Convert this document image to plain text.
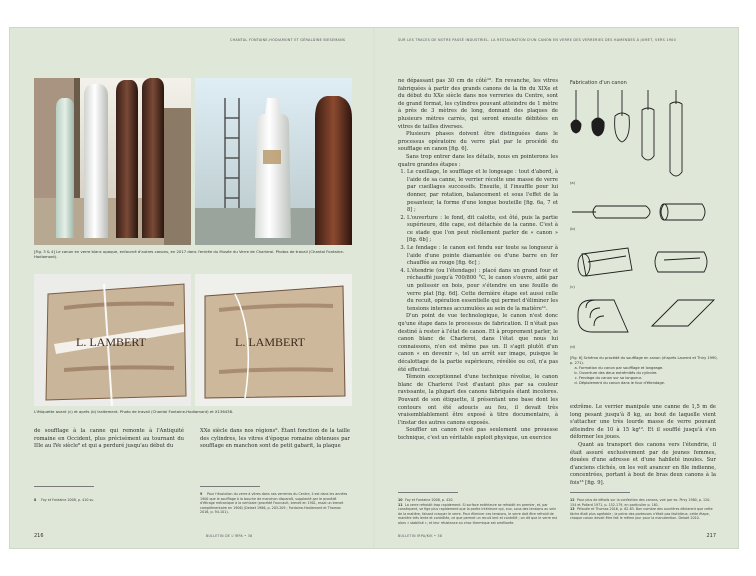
CHANTAL FONTAINE-HODIAMONT ET GÉRALDINE BIESEMANS
[Fig. 3 & 4] Le canon en verre blanc opaque, enfourné d'autres canons, en 2017 dans l'entrée du Musée du Verre de Charleroi. Photos de travail (Chantal Fontaine-Hodiamont).
L. LAMBERT	L. LAMBERT
L'étiquette avant (c) et après (b) traitement. Photo de travail (Chantal Fontaine-Hodiamont) et X136438.

de soufflage à la canne qui remonte à l'Antiquité romaine en Occident, plus précisément au tournant du IIIe au IVe siècle⁸ et qui a perduré jusqu'au début du

XXe siècle dans nos régions⁹. Étant fonction de la taille des cylindres, les vitres d'époque romaine obtenues par soufflage en manchon sont de petit gabarit, la plaque

8 Foy et Fontaine 2008, p. 410 ss.
9 Pour l'évolution du verre à vitres dans nos verreries du Centre, il est dans les années 1900 que le soufflage à la bouche de manchon disparaît, supplanté par le procédé d'étirage mécanique à la verticale (procédé Fourcault, brevet en 1901, essai un brevet complémentaire en 1906) (Delaet 1986, p. 203-209 ; Fontaine-Hodiamont et Thomas 2016, p. 94-101).
216	BULLETIN DE L'IRPA • 38
SUR LES TRACES DE NOTRE PASSÉ INDUSTRIEL. LA RESTAURATION D'UN CANON EN VERRE DES VERRERIES DES HAMENDES À JUMET, VERS 1900

ne dépassant pas 30 cm de côté¹⁰. En revanche, les vitres fabriquées à partir des grands canons de la fin du XIXe et du début du XXe siècle dans nos verreries du Centre, sont de grand format, les cylindres pouvant atteindre de 1 mètre à près de 3 mètres de long, donnant des plaques de plusieurs mètres carrés, qui seront ensuite débitées en vitres de tailles diverses.

Plusieurs phases doivent être distinguées dans le processus opératoire du verre plat par le procédé du soufflage en canon [fig. 6].

Sans trop entrer dans les détails, nous en pointerons les quatre grandes étapes :

1. Le cueillage, le soufflage et le longeage : tout d'abord, à l'aide de sa canne, le verrier récolte une masse de verre par cueillages successifs. Ensuite, il l'insuffle pour lui donner, par rotation, balancement et sous l'effet de la pesanteur, la forme d'une longue bouteille [fig. 6a, 7 et 8] ;
2. L'ouverture : le fond, dit calotte, est ôté, puis la partie supérieure, dite cape, est détachée de la canne. C'est à ce stade que l'on peut réellement parler de « canon » [fig. 6b] ;
3. Le fendage : le canon est fendu sur toute sa longueur à l'aide d'une pointe diamantée ou d'une barre en fer chauffée au rouge [fig. 6c] ;
4. L'étendrie (ou l'étendage) : placé dans un grand four et réchauffé jusqu'à 700/800 °C, le canon s'ouvre, aidé par un polissoir en bois, pour s'étendre en une feuille de verre plat [fig. 6d]. Cette dernière étape est aussi celle du recuit, opération essentielle qui permet d'éliminer les tensions internes accumulées au sein de la matière¹¹.

D'un point de vue technologique, le canon n'est donc qu'une étape dans le processus de fabrication. Il n'était pas destiné à rester à l'état de canon. Et à proprement parler, le canon blanc de Charleroi, dans l'état que nous lui connaissons, n'en est même pas un. Il s'agit plutôt d'un canon « en devenir », tel un arrêt sur image, puisque le décalottage de la partie supérieure, révélée ou col, n'a pas été effectué.

Témoin exceptionnel d'une technique révolue, le canon blanc de Charleroi l'est d'autant plus par sa couleur ravissante, la plupart des canons fabriqués étant incolores. Pouvant de son étiquette, il présentant une base dont les contours ont été adoucis au feu, il devait très vraisemblablement être exposé à titre documentaire, à l'instar des autres canons exposés.

Souffler un canon n'est pas seulement une prouesse technique, c'est un véritable exploit physique, un exercice

Fabrication d'un canon
(a)
(b)
(c)
(d)
[Fig. 6] Schéma du procédé du soufflage en canon (d'après Laurent et Thiry 1990, p. 271).
a. Formation du canon par soufflage et longeage.
b. Ouverture des deux extrémités du cylindre.
c. Fendage du canon sur sa longueur.
d. Déploiement du canon dans le four d'étendage.

extrême. Le verrier manipule une canne de 1,5 m de long pesant jusqu'à 8 kg, au bout de laquelle vient s'attacher une très lourde masse de verre pouvant atteindre de 10 à 15 kg¹². Et il soufflé jusqu'à s'en déformer les joues.

Quant au transport des canons vers l'étendrie, il était assuré exclusivement par de jeunes femmes, douées d'une adresse et d'une habileté inouïes. Sur d'anciens clichés, on les voit avancer en file indienne, concentrées, portant à bout de bras deux canons à la fois¹³ [fig. 9].

10 Foy et Fontaine 2008, p. 420.
11 La verre refroidit trop rapidement. Si surface extérieure se refroidit en premier, et, par conséquent, se fige plus rapidement que la partie intérieure qui, eux, sous des tensions au sein de la matière, faisant craquer le verre. Pour éliminer ces tensions, le verre doit être refroidi de manière très lente et contrôlée, ce que permet un recuit lent et contrôlé ; on dit que le verre est alors « stabilisé », et leur résistance au choc thermique est améliorée.
12 Pour plus de détails sur la confection des canons, voir par ex. Pirsy 1980, p. 120-154 et Pollard 1971, p. 152-179, en particulier p. 161.
13 Pélouée et Thomas 2016, p. 62-63. Bon nombre des ouvrières déclarent que cette tâche était plus agréable ; la peine des porteuses n'était pas fastidieux, cette étape, chaque canon devait être fait le même jour pour la manutention. Delaet 2010.
BULLETIN IRPA/KIK • 38	217
